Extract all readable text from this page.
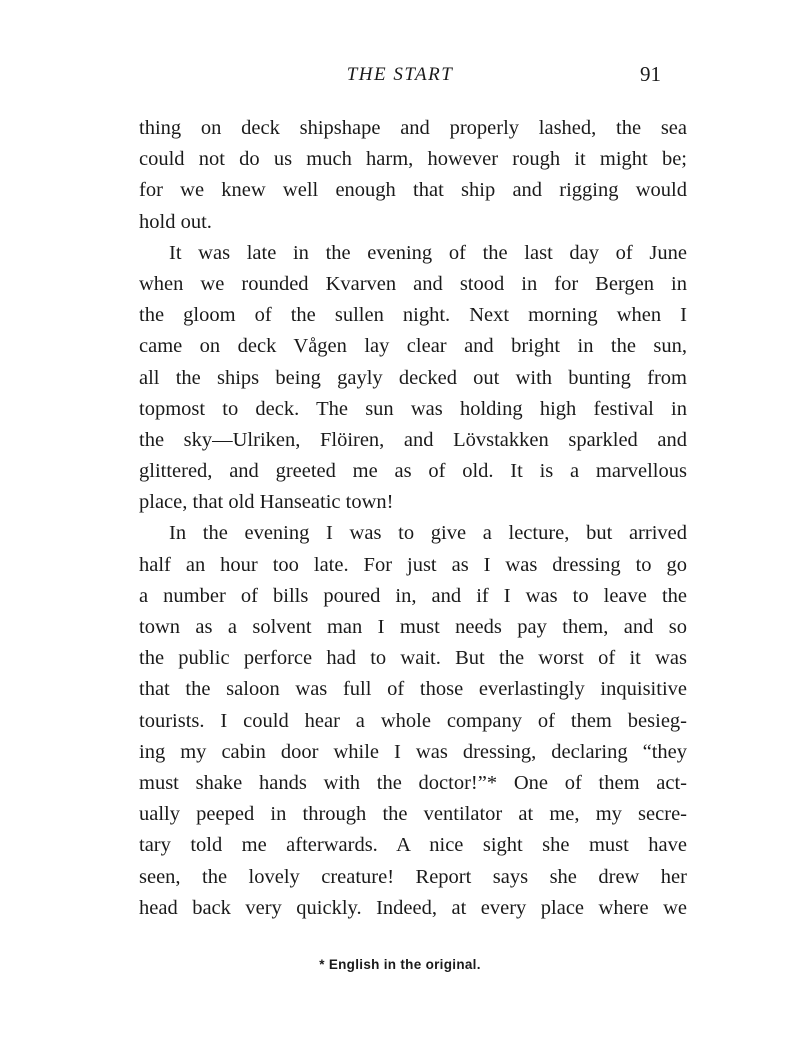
THE START	91
thing on deck shipshape and properly lashed, the sea
could not do us much harm, however rough it might be;
for we knew well enough that ship and rigging would
hold out.
It was late in the evening of the last day of June
when we rounded Kvarven and stood in for Bergen in
the gloom of the sullen night. Next morning when I
came on deck Vågen lay clear and bright in the sun,
all the ships being gayly decked out with bunting from
topmost to deck. The sun was holding high festival in
the sky—Ulriken, Flöiren, and Lövstakken sparkled and
glittered, and greeted me as of old. It is a marvellous
place, that old Hanseatic town!
In the evening I was to give a lecture, but arrived
half an hour too late. For just as I was dressing to go
a number of bills poured in, and if I was to leave the
town as a solvent man I must needs pay them, and so
the public perforce had to wait. But the worst of it was
that the saloon was full of those everlastingly inquisitive
tourists. I could hear a whole company of them besieg-
ing my cabin door while I was dressing, declaring “they
must shake hands with the doctor!”* One of them act-
ually peeped in through the ventilator at me, my secre-
tary told me afterwards. A nice sight she must have
seen, the lovely creature! Report says she drew her
head back very quickly. Indeed, at every place where we
* English in the original.
